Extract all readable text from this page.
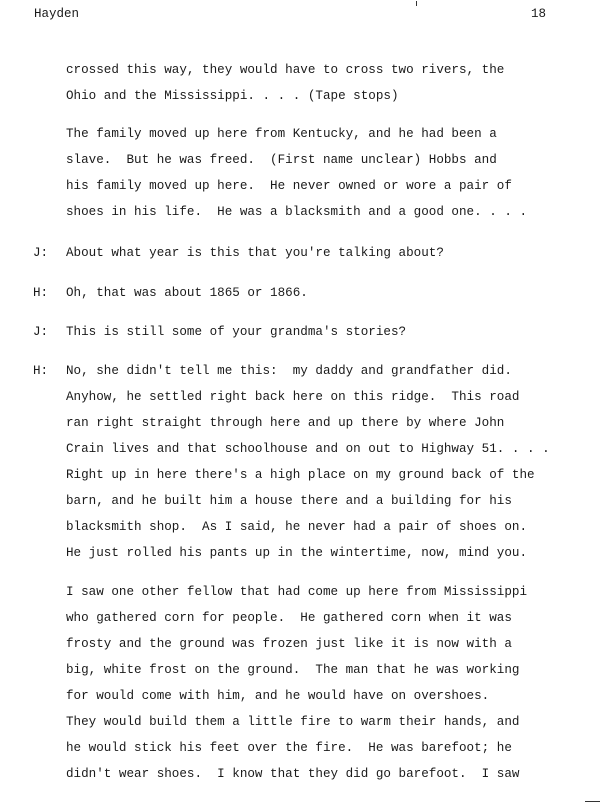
Hayden	18
crossed this way, they would have to cross two rivers, the
Ohio and the Mississippi. . . . (Tape stops)
The family moved up here from Kentucky, and he had been a
slave.  But he was freed.  (First name unclear) Hobbs and
his family moved up here.  He never owned or wore a pair of
shoes in his life.  He was a blacksmith and a good one. . . .
J: About what year is this that you're talking about?
H: Oh, that was about 1865 or 1866.
J: This is still some of your grandma's stories?
H: No, she didn't tell me this:  my daddy and grandfather did.
Anyhow, he settled right back here on this ridge.  This road
ran right straight through here and up there by where John
Crain lives and that schoolhouse and on out to Highway 51. . . .
Right up in here there's a high place on my ground back of the
barn, and he built him a house there and a building for his
blacksmith shop.  As I said, he never had a pair of shoes on.
He just rolled his pants up in the wintertime, now, mind you.
I saw one other fellow that had come up here from Mississippi
who gathered corn for people.  He gathered corn when it was
frosty and the ground was frozen just like it is now with a
big, white frost on the ground.  The man that he was working
for would come with him, and he would have on overshoes.
They would build them a little fire to warm their hands, and
he would stick his feet over the fire.  He was barefoot; he
didn't wear shoes.  I know that they did go barefoot.  I saw
